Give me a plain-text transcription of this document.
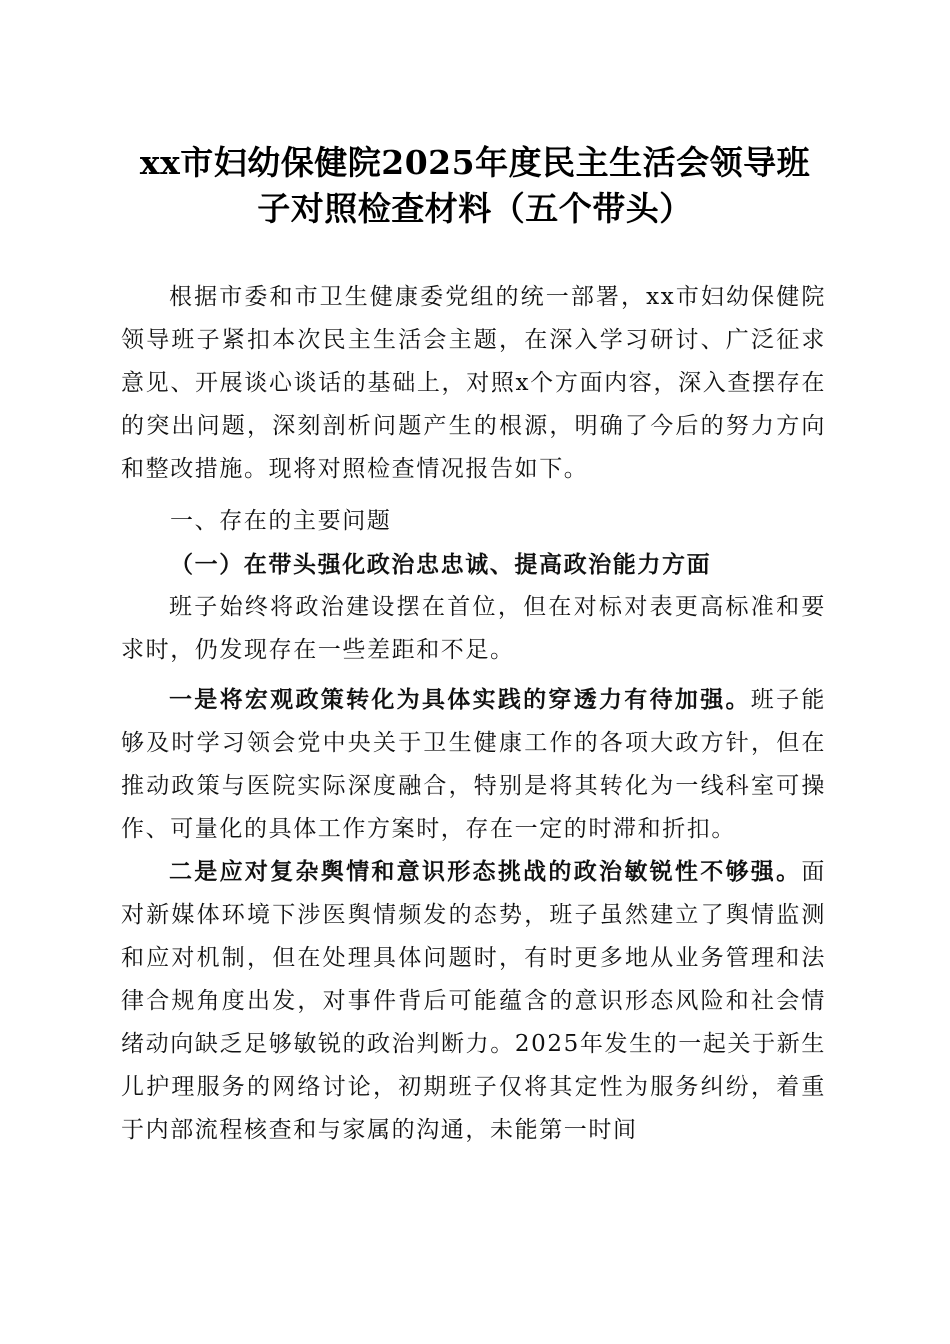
xx市妇幼保健院2025年度民主生活会领导班
子对照检查材料（五个带头）

根据市委和市卫生健康委党组的统一部署，xx市妇幼保健院领导班子紧扣本次民主生活会主题，在深入学习研讨、广泛征求意见、开展谈心谈话的基础上，对照x个方面内容，深入查摆存在的突出问题，深刻剖析问题产生的根源，明确了今后的努力方向和整改措施。现将对照检查情况报告如下。

一、存在的主要问题

（一）在带头强化政治忠忠诚、提高政治能力方面

班子始终将政治建设摆在首位，但在对标对表更高标准和要求时，仍发现存在一些差距和不足。

一是将宏观政策转化为具体实践的穿透力有待加强。班子能够及时学习领会党中央关于卫生健康工作的各项大政方针，但在推动政策与医院实际深度融合，特别是将其转化为一线科室可操作、可量化的具体工作方案时，存在一定的时滞和折扣。

二是应对复杂舆情和意识形态挑战的政治敏锐性不够强。面对新媒体环境下涉医舆情频发的态势，班子虽然建立了舆情监测和应对机制，但在处理具体问题时，有时更多地从业务管理和法律合规角度出发，对事件背后可能蕴含的意识形态风险和社会情绪动向缺乏足够敏锐的政治判断力。2025年发生的一起关于新生儿护理服务的网络讨论，初期班子仅将其定性为服务纠纷，着重于内部流程核查和与家属的沟通，未能第一时间
